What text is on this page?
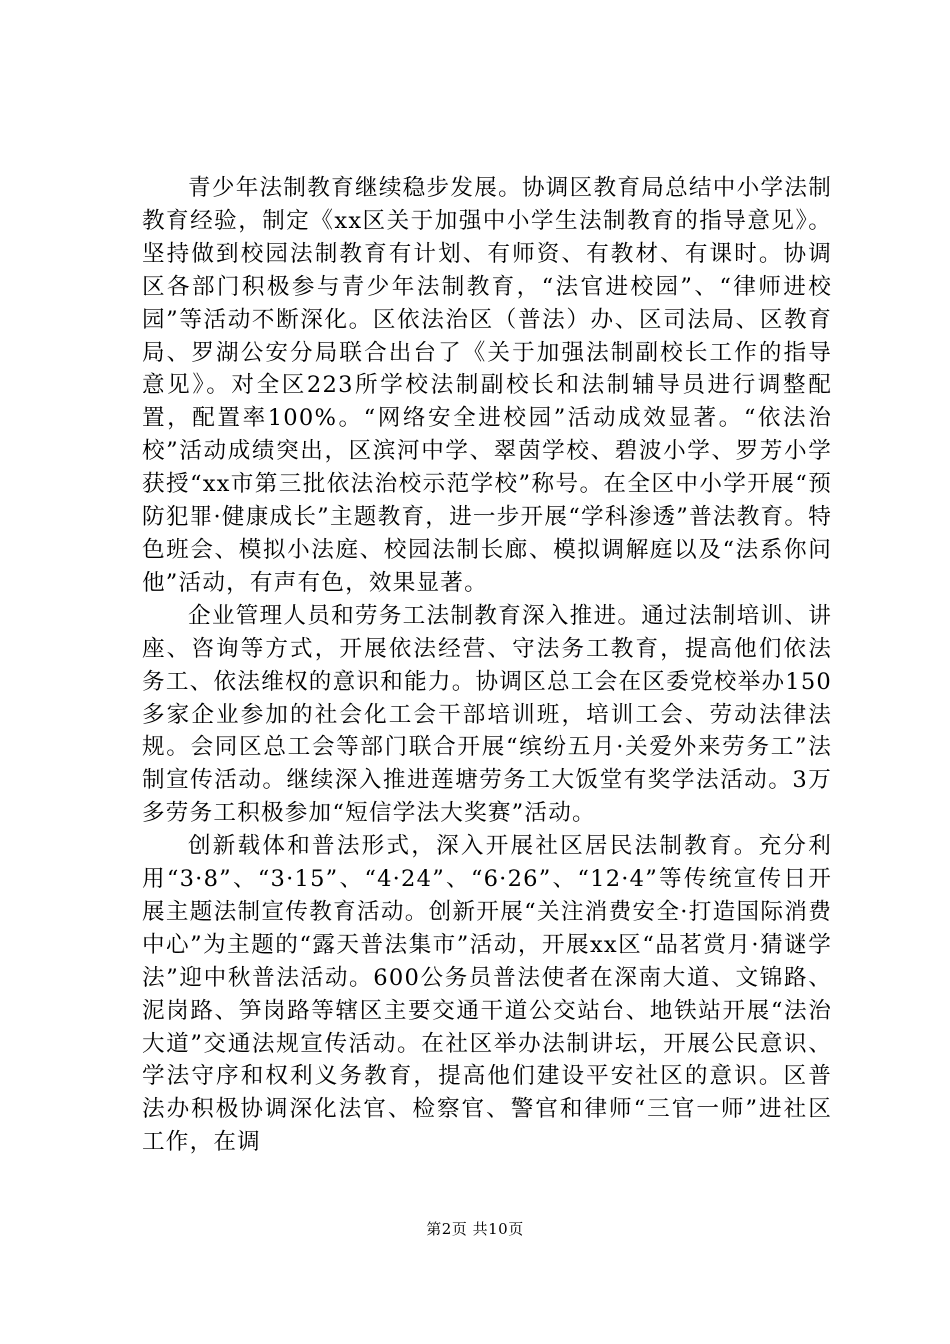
青少年法制教育继续稳步发展。协调区教育局总结中小学法制教育经验，制定《xx区关于加强中小学生法制教育的指导意见》。坚持做到校园法制教育有计划、有师资、有教材、有课时。协调区各部门积极参与青少年法制教育，“法官进校园”、“律师进校园”等活动不断深化。区依法治区（普法）办、区司法局、区教育局、罗湖公安分局联合出台了《关于加强法制副校长工作的指导意见》。对全区223所学校法制副校长和法制辅导员进行调整配置，配置率100%。“网络安全进校园”活动成效显著。“依法治校”活动成绩突出，区滨河中学、翠茵学校、碧波小学、罗芳小学获授“xx市第三批依法治校示范学校”称号。在全区中小学开展“预防犯罪·健康成长”主题教育，进一步开展“学科渗透”普法教育。特色班会、模拟小法庭、校园法制长廊、模拟调解庭以及“法系你问他”活动，有声有色，效果显著。

企业管理人员和劳务工法制教育深入推进。通过法制培训、讲座、咨询等方式，开展依法经营、守法务工教育，提高他们依法务工、依法维权的意识和能力。协调区总工会在区委党校举办150多家企业参加的社会化工会干部培训班，培训工会、劳动法律法规。会同区总工会等部门联合开展“缤纷五月·关爱外来劳务工”法制宣传活动。继续深入推进莲塘劳务工大饭堂有奖学法活动。3万多劳务工积极参加“短信学法大奖赛”活动。

创新载体和普法形式，深入开展社区居民法制教育。充分利用“3·8”、“3·15”、“4·24”、“6·26”、“12·4”等传统宣传日开展主题法制宣传教育活动。创新开展“关注消费安全·打造国际消费中心”为主题的“露天普法集市”活动，开展xx区“品茗赏月·猜谜学法”迎中秋普法活动。600公务员普法使者在深南大道、文锦路、泥岗路、笋岗路等辖区主要交通干道公交站台、地铁站开展“法治大道”交通法规宣传活动。在社区举办法制讲坛，开展公民意识、学法守序和权利义务教育，提高他们建设平安社区的意识。区普法办积极协调深化法官、检察官、警官和律师“三官一师”进社区工作，在调

第2页 共10页
